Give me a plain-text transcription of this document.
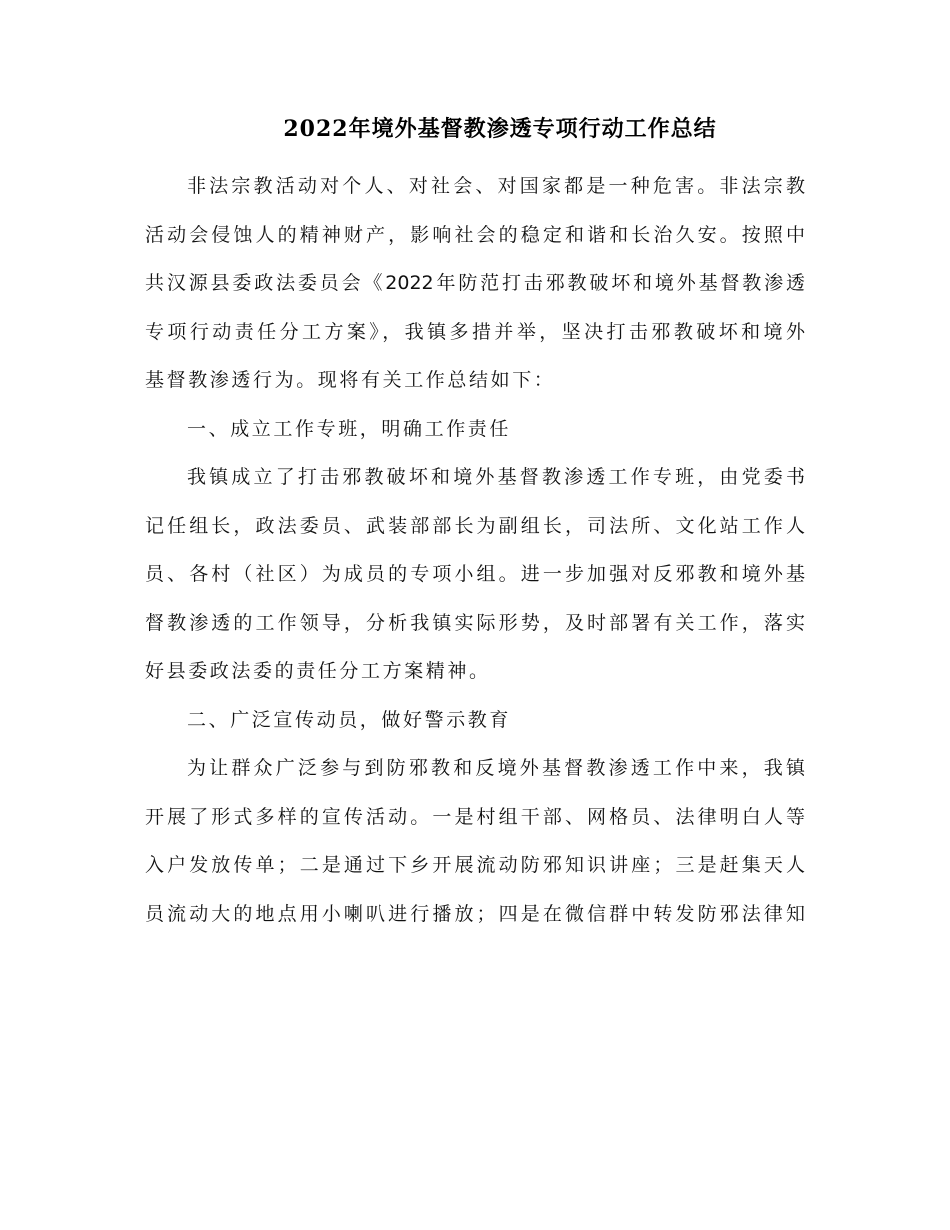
2022年境外基督教渗透专项行动工作总结
非法宗教活动对个人、对社会、对国家都是一种危害。非法宗教
活动会侵蚀人的精神财产，影响社会的稳定和谐和长治久安。按照中
共汉源县委政法委员会《2022年防范打击邪教破坏和境外基督教渗透
专项行动责任分工方案》，我镇多措并举，坚决打击邪教破坏和境外
基督教渗透行为。现将有关工作总结如下：
一、成立工作专班，明确工作责任
我镇成立了打击邪教破坏和境外基督教渗透工作专班，由党委书
记任组长，政法委员、武装部部长为副组长，司法所、文化站工作人
员、各村（社区）为成员的专项小组。进一步加强对反邪教和境外基
督教渗透的工作领导，分析我镇实际形势，及时部署有关工作，落实
好县委政法委的责任分工方案精神。
二、广泛宣传动员，做好警示教育
为让群众广泛参与到防邪教和反境外基督教渗透工作中来，我镇
开展了形式多样的宣传活动。一是村组干部、网格员、法律明白人等
入户发放传单；二是通过下乡开展流动防邪知识讲座；三是赶集天人
员流动大的地点用小喇叭进行播放；四是在微信群中转发防邪法律知
